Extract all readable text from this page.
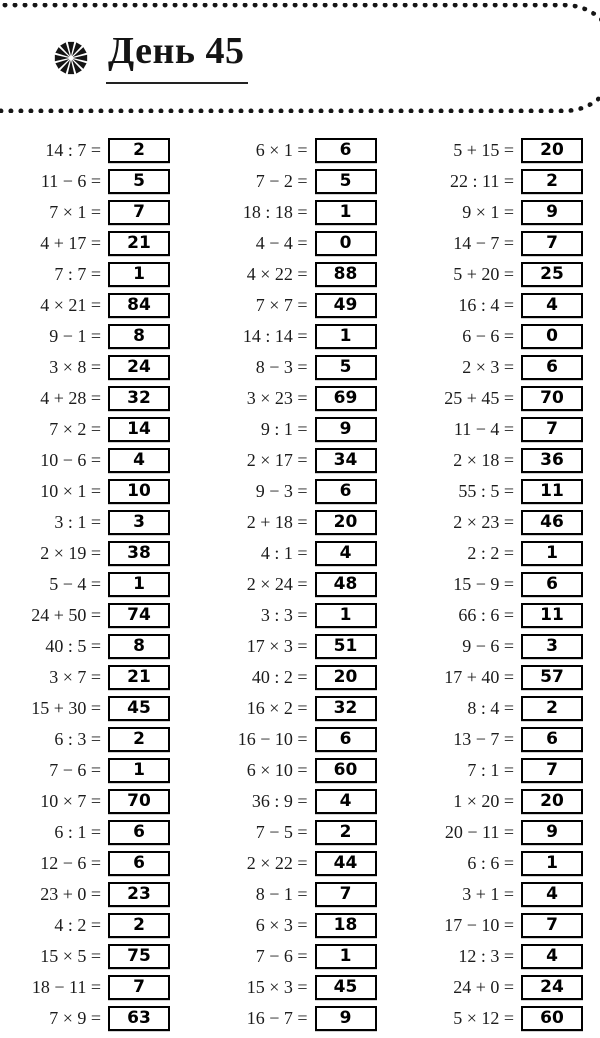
День 45
14 : 7 =	2
11 − 6 =	5
7 × 1 =	7
4 + 17 =	21
7 : 7 =	1
4 × 21 =	84
9 − 1 =	8
3 × 8 =	24
4 + 28 =	32
7 × 2 =	14
10 − 6 =	4
10 × 1 =	10
3 : 1 =	3
2 × 19 =	38
5 − 4 =	1
24 + 50 =	74
40 : 5 =	8
3 × 7 =	21
15 + 30 =	45
6 : 3 =	2
7 − 6 =	1
10 × 7 =	70
6 : 1 =	6
12 − 6 =	6
23 + 0 =	23
4 : 2 =	2
15 × 5 =	75
18 − 11 =	7
7 × 9 =	63
6 × 1 =	6
7 − 2 =	5
18 : 18 =	1
4 − 4 =	0
4 × 22 =	88
7 × 7 =	49
14 : 14 =	1
8 − 3 =	5
3 × 23 =	69
9 : 1 =	9
2 × 17 =	34
9 − 3 =	6
2 + 18 =	20
4 : 1 =	4
2 × 24 =	48
3 : 3 =	1
17 × 3 =	51
40 : 2 =	20
16 × 2 =	32
16 − 10 =	6
6 × 10 =	60
36 : 9 =	4
7 − 5 =	2
2 × 22 =	44
8 − 1 =	7
6 × 3 =	18
7 − 6 =	1
15 × 3 =	45
16 − 7 =	9
5 + 15 =	20
22 : 11 =	2
9 × 1 =	9
14 − 7 =	7
5 + 20 =	25
16 : 4 =	4
6 − 6 =	0
2 × 3 =	6
25 + 45 =	70
11 − 4 =	7
2 × 18 =	36
55 : 5 =	11
2 × 23 =	46
2 : 2 =	1
15 − 9 =	6
66 : 6 =	11
9 − 6 =	3
17 + 40 =	57
8 : 4 =	2
13 − 7 =	6
7 : 1 =	7
1 × 20 =	20
20 − 11 =	9
6 : 6 =	1
3 + 1 =	4
17 − 10 =	7
12 : 3 =	4
24 + 0 =	24
5 × 12 =	60
